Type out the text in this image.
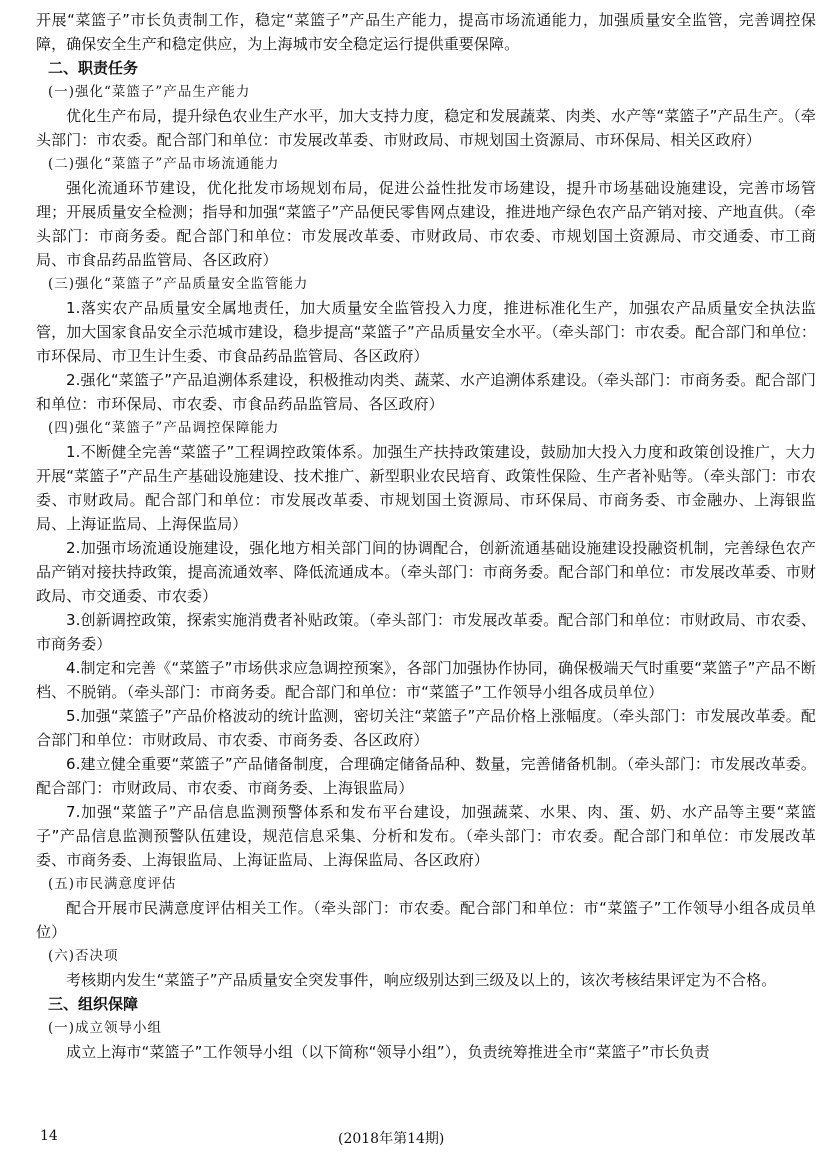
开展“菜篮子”市长负责制工作，稳定“菜篮子”产品生产能力，提高市场流通能力，加强质量安全监管，完善调控保障，确保安全生产和稳定供应，为上海城市安全稳定运行提供重要保障。

二、职责任务

(一)强化“菜篮子”产品生产能力

优化生产布局，提升绿色农业生产水平，加大支持力度，稳定和发展蔬菜、肉类、水产等“菜篮子”产品生产。（牵头部门：市农委。配合部门和单位：市发展改革委、市财政局、市规划国土资源局、市环保局、相关区政府）

(二)强化“菜篮子”产品市场流通能力

强化流通环节建设，优化批发市场规划布局，促进公益性批发市场建设，提升市场基础设施建设，完善市场管理；开展质量安全检测；指导和加强“菜篮子”产品便民零售网点建设，推进地产绿色农产品产销对接、产地直供。（牵头部门：市商务委。配合部门和单位：市发展改革委、市财政局、市农委、市规划国土资源局、市交通委、市工商局、市食品药品监管局、各区政府）

(三)强化“菜篮子”产品质量安全监管能力

1.落实农产品质量安全属地责任，加大质量安全监管投入力度，推进标准化生产，加强农产品质量安全执法监管，加大国家食品安全示范城市建设，稳步提高“菜篮子”产品质量安全水平。（牵头部门：市农委。配合部门和单位：市环保局、市卫生计生委、市食品药品监管局、各区政府）

2.强化“菜篮子”产品追溯体系建设，积极推动肉类、蔬菜、水产追溯体系建设。（牵头部门：市商务委。配合部门和单位：市环保局、市农委、市食品药品监管局、各区政府）

(四)强化“菜篮子”产品调控保障能力

1.不断健全完善“菜篮子”工程调控政策体系。加强生产扶持政策建设，鼓励加大投入力度和政策创设推广，大力开展“菜篮子”产品生产基础设施建设、技术推广、新型职业农民培育、政策性保险、生产者补贴等。（牵头部门：市农委、市财政局。配合部门和单位：市发展改革委、市规划国土资源局、市环保局、市商务委、市金融办、上海银监局、上海证监局、上海保监局）

2.加强市场流通设施建设，强化地方相关部门间的协调配合，创新流通基础设施建设投融资机制，完善绿色农产品产销对接扶持政策，提高流通效率、降低流通成本。（牵头部门：市商务委。配合部门和单位：市发展改革委、市财政局、市交通委、市农委）

3.创新调控政策，探索实施消费者补贴政策。（牵头部门：市发展改革委。配合部门和单位：市财政局、市农委、市商务委）

4.制定和完善《“菜篮子”市场供求应急调控预案》，各部门加强协作协同，确保极端天气时重要“菜篮子”产品不断档、不脱销。（牵头部门：市商务委。配合部门和单位：市“菜篮子”工作领导小组各成员单位）

5.加强“菜篮子”产品价格波动的统计监测，密切关注“菜篮子”产品价格上涨幅度。（牵头部门：市发展改革委。配合部门和单位：市财政局、市农委、市商务委、各区政府）

6.建立健全重要“菜篮子”产品储备制度，合理确定储备品种、数量，完善储备机制。（牵头部门：市发展改革委。配合部门：市财政局、市农委、市商务委、上海银监局）

7.加强“菜篮子”产品信息监测预警体系和发布平台建设，加强蔬菜、水果、肉、蛋、奶、水产品等主要“菜篮子”产品信息监测预警队伍建设，规范信息采集、分析和发布。（牵头部门：市农委。配合部门和单位：市发展改革委、市商务委、上海银监局、上海证监局、上海保监局、各区政府）

(五)市民满意度评估

配合开展市民满意度评估相关工作。（牵头部门：市农委。配合部门和单位：市“菜篮子”工作领导小组各成员单位）

(六)否决项

考核期内发生“菜篮子”产品质量安全突发事件，响应级别达到三级及以上的，该次考核结果评定为不合格。

三、组织保障

(一)成立领导小组

成立上海市“菜篮子”工作领导小组（以下简称“领导小组”），负责统筹推进全市“菜篮子”市长负责

14	(2018年第14期)
